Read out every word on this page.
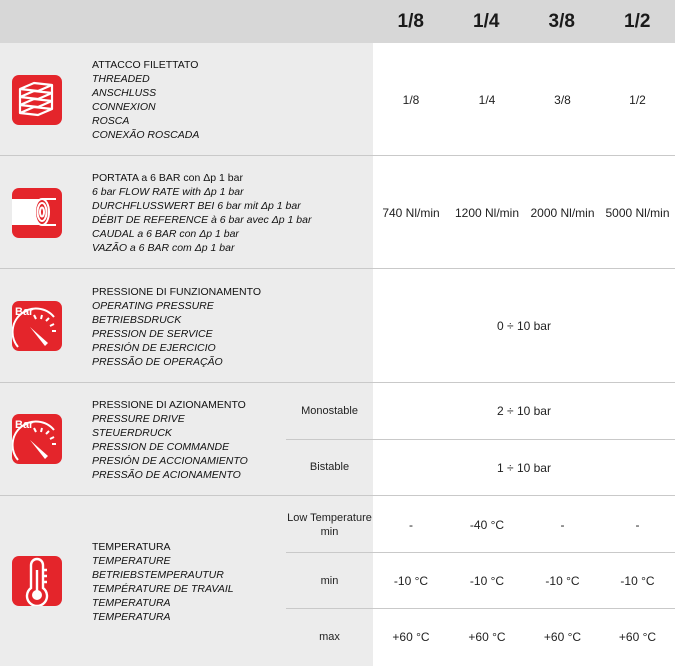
1/8	1/4	3/8	1/2
ATTACCO FILETTATO
THREADED
ANSCHLUSS
CONNEXION
ROSCA
CONEXÃO ROSCADA
1/8	1/4	3/8	1/2
PORTATA a 6 BAR con Δp 1 bar
6 bar FLOW RATE with Δp 1 bar
DURCHFLUSSWERT BEI 6 bar mit Δp 1 bar
DÉBIT DE REFERENCE à 6 bar avec Δp 1 bar
CAUDAL a 6 BAR con Δp 1 bar
VAZÃO a 6 BAR com Δp 1 bar
740 Nl/min	1200 Nl/min 2000 Nl/min 5000 Nl/min
Bar
PRESSIONE DI FUNZIONAMENTO
OPERATING PRESSURE
BETRIEBSDRUCK
PRESSION DE SERVICE
PRESIÓN DE EJERCICIO
PRESSÃO DE OPERAÇÃO
0 ÷ 10 bar
Bar
PRESSIONE DI AZIONAMENTO
PRESSURE DRIVE
STEUERDRUCK
PRESSION DE COMMANDE
PRESIÓN DE ACCIONAMIENTO
PRESSÃO DE ACIONAMENTO
Monostable	2 ÷ 10 bar
Bistable	1 ÷ 10 bar
TEMPERATURA
TEMPERATURE
BETRIEBSTEMPERAUTUR
TEMPÉRATURE DE TRAVAIL
TEMPERATURA
TEMPERATURA
Low Temperature
min	-	-40 °C	-	-
min	-10 °C	-10 °C	-10 °C	-10 °C
max	+60 °C	+60 °C	+60 °C	+60 °C
